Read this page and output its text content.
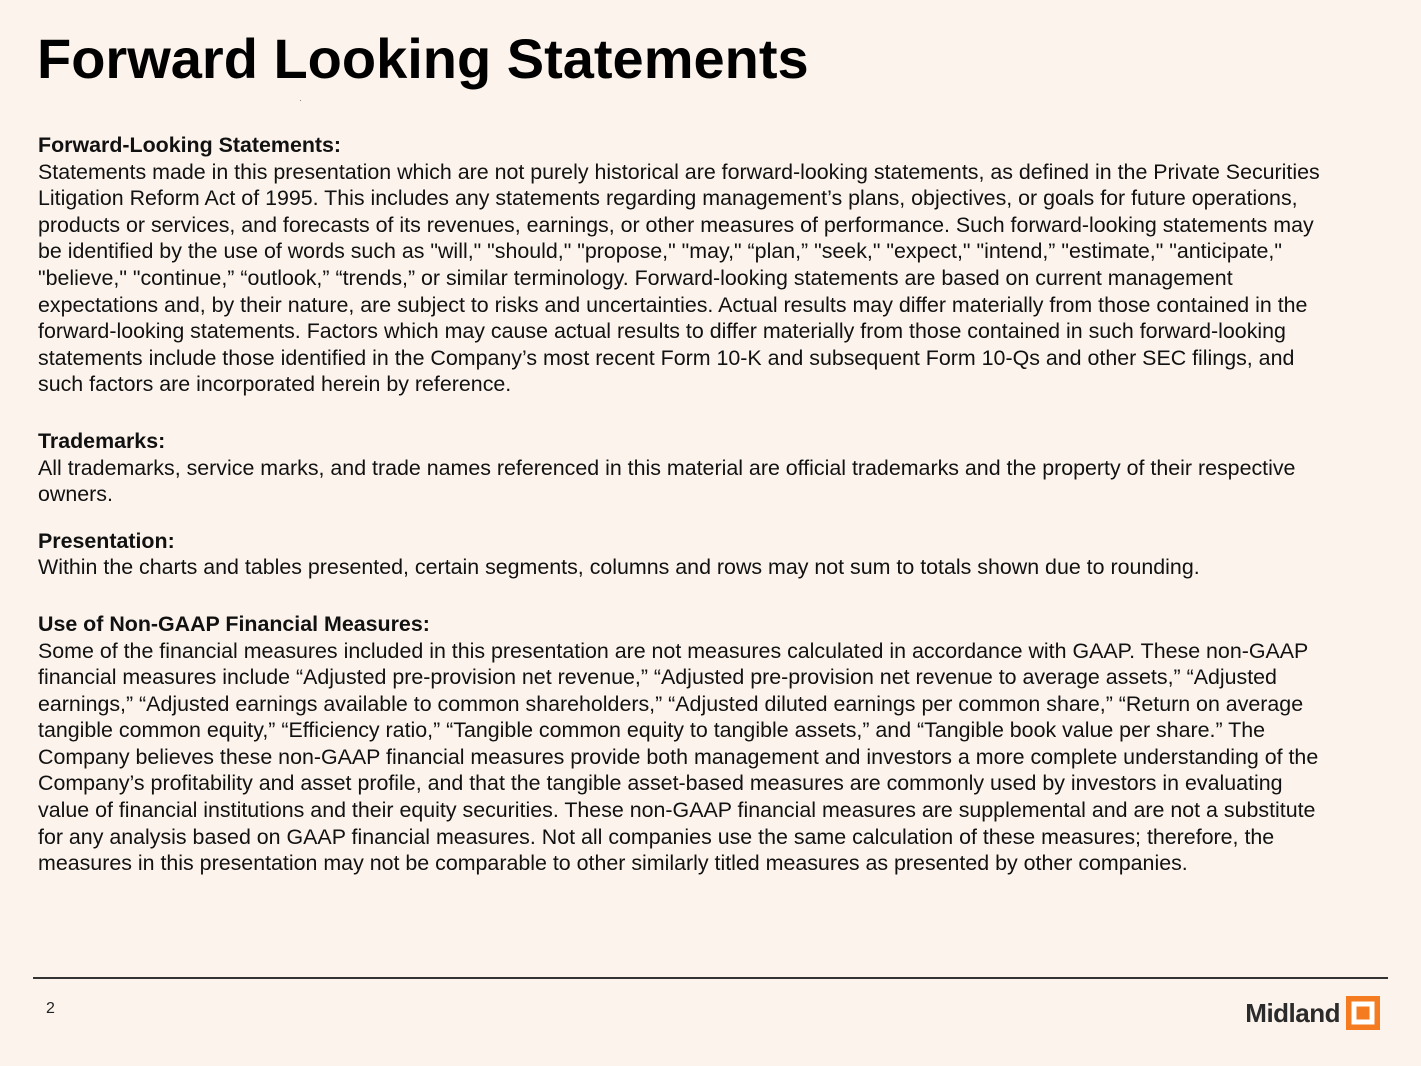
Forward Looking Statements
Forward-Looking Statements:
Statements made in this presentation which are not purely historical are forward-looking statements, as defined in the Private Securities Litigation Reform Act of 1995. This includes any statements regarding management’s plans, objectives, or goals for future operations, products or services, and forecasts of its revenues, earnings, or other measures of performance. Such forward-looking statements may be identified by the use of words such as "will," "should," "propose," "may," “plan,” "seek," "expect," "intend,” "estimate," "anticipate," "believe," "continue,” “outlook,” “trends,” or similar terminology. Forward-looking statements are based on current management expectations and, by their nature, are subject to risks and uncertainties. Actual results may differ materially from those contained in the forward-looking statements. Factors which may cause actual results to differ materially from those contained in such forward-looking statements include those identified in the Company’s most recent Form 10-K and subsequent Form 10-Qs and other SEC filings, and such factors are incorporated herein by reference.
Trademarks:
All trademarks, service marks, and trade names referenced in this material are official trademarks and the property of their respective owners.
Presentation:
Within the charts and tables presented, certain segments, columns and rows may not sum to totals shown due to rounding.
Use of Non-GAAP Financial Measures:
Some of the financial measures included in this presentation are not measures calculated in accordance with GAAP. These non-GAAP financial measures include “Adjusted pre-provision net revenue,” “Adjusted pre-provision net revenue to average assets,” “Adjusted earnings,” “Adjusted earnings available to common shareholders,” “Adjusted diluted earnings per common share,” “Return on average tangible common equity,” “Efficiency ratio,” “Tangible common equity to tangible assets,” and “Tangible book value per share.” The Company believes these non-GAAP financial measures provide both management and investors a more complete understanding of the Company’s profitability and asset profile, and that the tangible asset-based measures are commonly used by investors in evaluating value of financial institutions and their equity securities. These non-GAAP financial measures are supplemental and are not a substitute for any analysis based on GAAP financial measures. Not all companies use the same calculation of these measures; therefore, the measures in this presentation may not be comparable to other similarly titled measures as presented by other companies.
2	Midland
